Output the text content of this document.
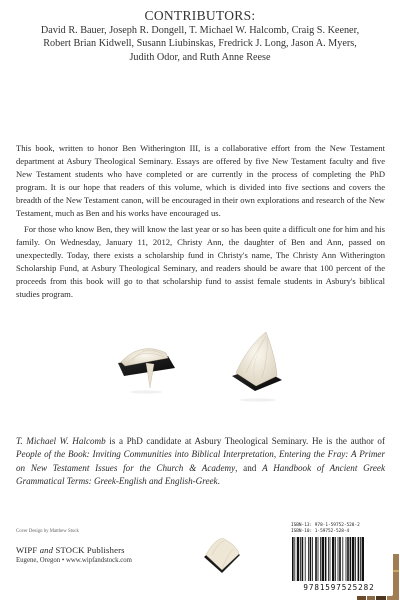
CONTRIBUTORS:
David R. Bauer, Joseph R. Dongell, T. Michael W. Halcomb, Craig S. Keener,
Robert Brian Kidwell, Susann Liubinskas, Fredrick J. Long, Jason A. Myers,
Judith Odor, and Ruth Anne Reese

This book, written to honor Ben Witherington III, is a collaborative effort from the New Testament department at Asbury Theological Seminary. Essays are offered by five New Testament faculty and five New Testament students who have completed or are currently in the process of completing the PhD program. It is our hope that readers of this volume, which is divided into five sections and covers the breadth of the New Testament canon, will be encouraged in their own explorations and research of the New Testament, much as Ben and his works have encouraged us.

For those who know Ben, they will know the last year or so has been quite a difficult one for him and his family. On Wednesday, January 11, 2012, Christy Ann, the daughter of Ben and Ann, passed on unexpectedly. Today, there exists a scholarship fund in Christy's name, The Christy Ann Witherington Scholarship Fund, at Asbury Theological Seminary, and readers should be aware that 100 percent of the proceeds from this book will go to that scholarship fund to assist female students in Asbury's biblical studies program.

T. Michael W. Halcomb is a PhD candidate at Asbury Theological Seminary. He is the author of People of the Book: Inviting Communities into Biblical Interpretation, Entering the Fray: A Primer on New Testament Issues for the Church & Academy, and A Handbook of Ancient Greek Grammatical Terms: Greek-English and English-Greek.
Cover Design by Matthew Stock
WIPF and STOCK Publishers
Eugene, Oregon • www.wipfandstock.com
ISBN-13: 978-1-59752-528-2
ISBN-10: 1-59752-528-4
9781597525282
